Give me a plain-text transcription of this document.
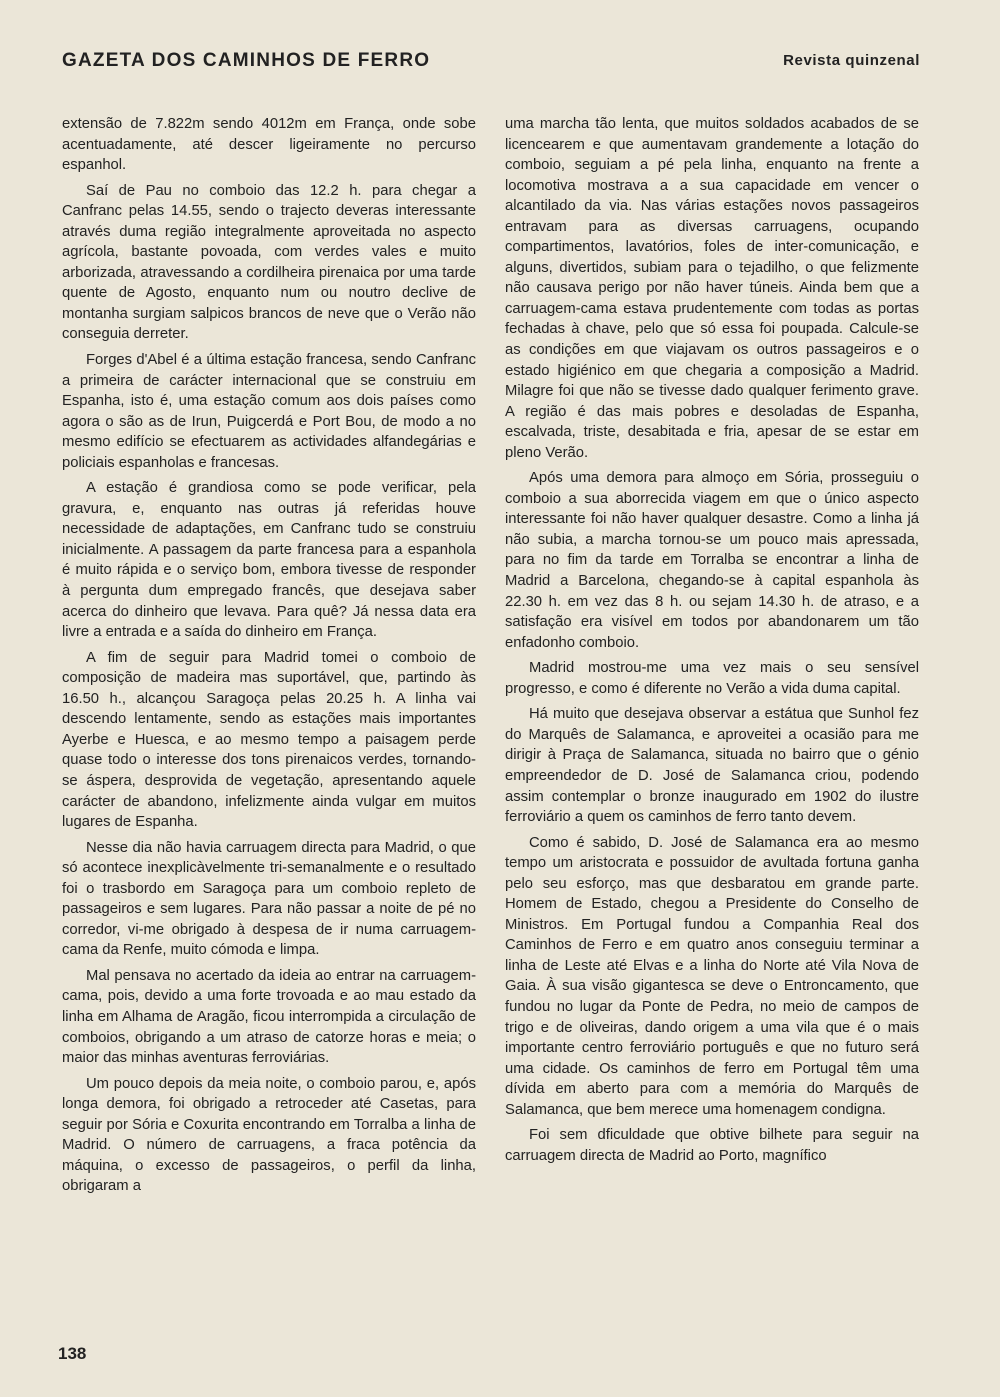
GAZETA DOS CAMINHOS DE FERRO	Revista quinzenal

extensão de 7.822m sendo 4012m em França, onde sobe acentuadamente, até descer ligeiramente no percurso espanhol.

Saí de Pau no comboio das 12.2 h. para chegar a Canfranc pelas 14.55, sendo o trajecto deveras interessante através duma região integralmente aproveitada no aspecto agrícola, bastante povoada, com verdes vales e muito arborizada, atravessando a cordilheira pirenaica por uma tarde quente de Agosto, enquanto num ou noutro declive de montanha surgiam salpicos brancos de neve que o Verão não conseguia derreter.

Forges d'Abel é a última estação francesa, sendo Canfranc a primeira de carácter internacional que se construiu em Espanha, isto é, uma estação comum aos dois países como agora o são as de Irun, Puigcerdá e Port Bou, de modo a no mesmo edifício se efectuarem as actividades alfandegárias e policiais espanholas e francesas.

A estação é grandiosa como se pode verificar, pela gravura, e, enquanto nas outras já referidas houve necessidade de adaptações, em Canfranc tudo se construiu inicialmente. A passagem da parte francesa para a espanhola é muito rápida e o serviço bom, embora tivesse de responder à pergunta dum empregado francês, que desejava saber acerca do dinheiro que levava. Para quê? Já nessa data era livre a entrada e a saída do dinheiro em França.

A fim de seguir para Madrid tomei o comboio de composição de madeira mas suportável, que, partindo às 16.50 h., alcançou Saragoça pelas 20.25 h. A linha vai descendo lentamente, sendo as estações mais importantes Ayerbe e Huesca, e ao mesmo tempo a paisagem perde quase todo o interesse dos tons pirenaicos verdes, tornando-se áspera, desprovida de vegetação, apresentando aquele carácter de abandono, infelizmente ainda vulgar em muitos lugares de Espanha.

Nesse dia não havia carruagem directa para Madrid, o que só acontece inexplicàvelmente tri-semanalmente e o resultado foi o trasbordo em Saragoça para um comboio repleto de passageiros e sem lugares. Para não passar a noite de pé no corredor, vi-me obrigado à despesa de ir numa carruagem-cama da Renfe, muito cómoda e limpa.

Mal pensava no acertado da ideia ao entrar na carruagem-cama, pois, devido a uma forte trovoada e ao mau estado da linha em Alhama de Aragão, ficou interrompida a circulação de comboios, obrigando a um atraso de catorze horas e meia; o maior das minhas aventuras ferroviárias.

Um pouco depois da meia noite, o comboio parou, e, após longa demora, foi obrigado a retroceder até Casetas, para seguir por Sória e Coxurita encontrando em Torralba a linha de Madrid. O número de carruagens, a fraca potência da máquina, o excesso de passageiros, o perfil da linha, obrigaram a

uma marcha tão lenta, que muitos soldados acabados de se licencearem e que aumentavam grandemente a lotação do comboio, seguiam a pé pela linha, enquanto na frente a locomotiva mostrava a a sua capacidade em vencer o alcantilado da via. Nas várias estações novos passageiros entravam para as diversas carruagens, ocupando compartimentos, lavatórios, foles de inter-comunicação, e alguns, divertidos, subiam para o tejadilho, o que felizmente não causava perigo por não haver túneis. Ainda bem que a carruagem-cama estava prudentemente com todas as portas fechadas à chave, pelo que só essa foi poupada. Calcule-se as condições em que viajavam os outros passageiros e o estado higiénico em que chegaria a composição a Madrid. Milagre foi que não se tivesse dado qualquer ferimento grave. A região é das mais pobres e desoladas de Espanha, escalvada, triste, desabitada e fria, apesar de se estar em pleno Verão.

Após uma demora para almoço em Sória, prosseguiu o comboio a sua aborrecida viagem em que o único aspecto interessante foi não haver qualquer desastre. Como a linha já não subia, a marcha tornou-se um pouco mais apressada, para no fim da tarde em Torralba se encontrar a linha de Madrid a Barcelona, chegando-se à capital espanhola às 22.30 h. em vez das 8 h. ou sejam 14.30 h. de atraso, e a satisfação era visível em todos por abandonarem um tão enfadonho comboio.

Madrid mostrou-me uma vez mais o seu sensível progresso, e como é diferente no Verão a vida duma capital.

Há muito que desejava observar a estátua que Sunhol fez do Marquês de Salamanca, e aproveitei a ocasião para me dirigir à Praça de Salamanca, situada no bairro que o génio empreendedor de D. José de Salamanca criou, podendo assim contemplar o bronze inaugurado em 1902 do ilustre ferroviário a quem os caminhos de ferro tanto devem.

Como é sabido, D. José de Salamanca era ao mesmo tempo um aristocrata e possuidor de avultada fortuna ganha pelo seu esforço, mas que desbaratou em grande parte. Homem de Estado, chegou a Presidente do Conselho de Ministros. Em Portugal fundou a Companhia Real dos Caminhos de Ferro e em quatro anos conseguiu terminar a linha de Leste até Elvas e a linha do Norte até Vila Nova de Gaia. À sua visão gigantesca se deve o Entroncamento, que fundou no lugar da Ponte de Pedra, no meio de campos de trigo e de oliveiras, dando origem a uma vila que é o mais importante centro ferroviário português e que no futuro será uma cidade. Os caminhos de ferro em Portugal têm uma dívida em aberto para com a memória do Marquês de Salamanca, que bem merece uma homenagem condigna.

Foi sem dficuldade que obtive bilhete para seguir na carruagem directa de Madrid ao Porto, magnífico

138
